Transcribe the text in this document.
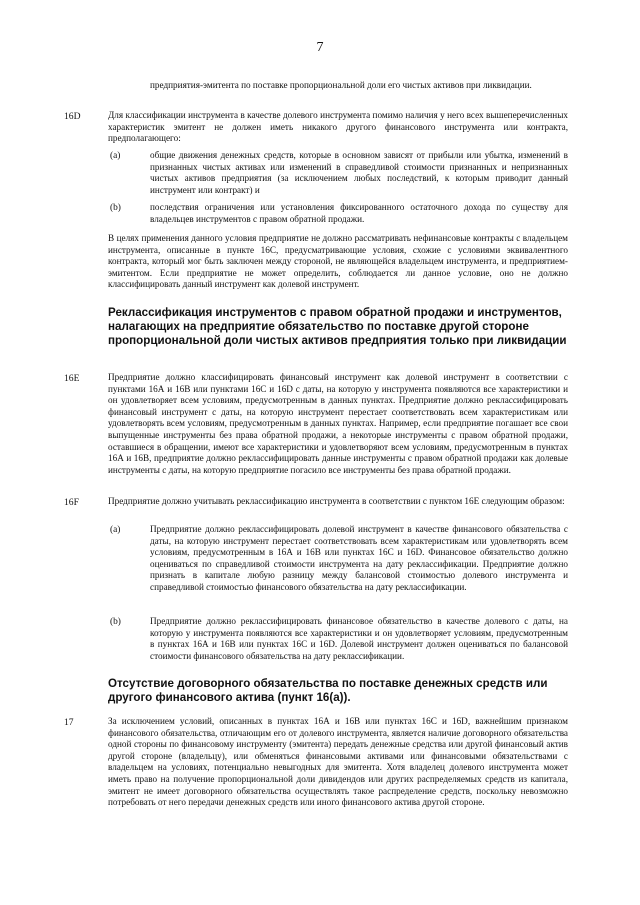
7
предприятия-эмитента по поставке пропорциональной доли его чистых активов при ликвидации.
16D	Для классификации инструмента в качестве долевого инструмента помимо наличия у него всех вышеперечисленных характеристик эмитент не должен иметь никакого другого финансового инструмента или контракта, предполагающего:
(a)	общие движения денежных средств, которые в основном зависят от прибыли или убытка, изменений в признанных чистых активах или изменений в справедливой стоимости признанных и непризнанных чистых активов предприятия (за исключением любых последствий, к которым приводит данный инструмент или контракт) и
(b)	последствия ограничения или установления фиксированного остаточного дохода по существу для владельцев инструментов с правом обратной продажи.
В целях применения данного условия предприятие не должно рассматривать нефинансовые контракты с владельцем инструмента, описанные в пункте 16C, предусматривающие условия, схожие с условиями эквивалентного контракта, который мог быть заключен между стороной, не являющейся владельцем инструмента, и предприятием-эмитентом. Если предприятие не может определить, соблюдается ли данное условие, оно не должно классифицировать данный инструмент как долевой инструмент.
Реклассификация инструментов с правом обратной продажи и инструментов, налагающих на предприятие обязательство по поставке другой стороне пропорциональной доли чистых активов предприятия только при ликвидации
16E	Предприятие должно классифицировать финансовый инструмент как долевой инструмент в соответствии с пунктами 16А и 16В или пунктами 16С и 16D с даты, на которую у инструмента появляются все характеристики и он удовлетворяет всем условиям, предусмотренным в данных пунктах. Предприятие должно реклассифицировать финансовый инструмент с даты, на которую инструмент перестает соответствовать всем характеристикам или удовлетворять всем условиям, предусмотренным в данных пунктах. Например, если предприятие погашает все свои выпущенные инструменты без права обратной продажи, а некоторые инструменты с правом обратной продажи, оставшиеся в обращении, имеют все характеристики и удовлетворяют всем условиям, предусмотренным в пунктах 16А и 16В, предприятие должно реклассифицировать данные инструменты с правом обратной продажи как долевые инструменты с даты, на которую предприятие погасило все инструменты без права обратной продажи.
16F	Предприятие должно учитывать реклассификацию инструмента в соответствии с пунктом 16E следующим образом:
(a)	Предприятие должно реклассифицировать долевой инструмент в качестве финансового обязательства с даты, на которую инструмент перестает соответствовать всем характеристикам или удовлетворять всем условиям, предусмотренным в 16А и 16В или пунктах 16С и 16D. Финансовое обязательство должно оцениваться по справедливой стоимости инструмента на дату реклассификации. Предприятие должно признать в капитале любую разницу между балансовой стоимостью долевого инструмента и справедливой стоимостью финансового обязательства на дату реклассификации.
(b)	Предприятие должно реклассифицировать финансовое обязательство в качестве долевого с даты, на которую у инструмента появляются все характеристики и он удовлетворяет условиям, предусмотренным в пунктах 16А и 16В или пунктах 16С и 16D. Долевой инструмент должен оцениваться по балансовой стоимости финансового обязательства на дату реклассификации.
Отсутствие договорного обязательства по поставке денежных средств или другого финансового актива (пункт 16(а)).
17	За исключением условий, описанных в пунктах 16А и 16В или пунктах 16С и 16D, важнейшим признаком финансового обязательства, отличающим его от долевого инструмента, является наличие договорного обязательства одной стороны по финансовому инструменту (эмитента) передать денежные средства или другой финансовый актив другой стороне (владельцу), или обменяться финансовыми активами или финансовыми обязательствами с владельцем на условиях, потенциально невыгодных для эмитента. Хотя владелец долевого инструмента может иметь право на получение пропорциональной доли дивидендов или других распределяемых средств из капитала, эмитент не имеет договорного обязательства осуществлять такое распределение средств, поскольку невозможно потребовать от него передачи денежных средств или иного финансового актива другой стороне.
